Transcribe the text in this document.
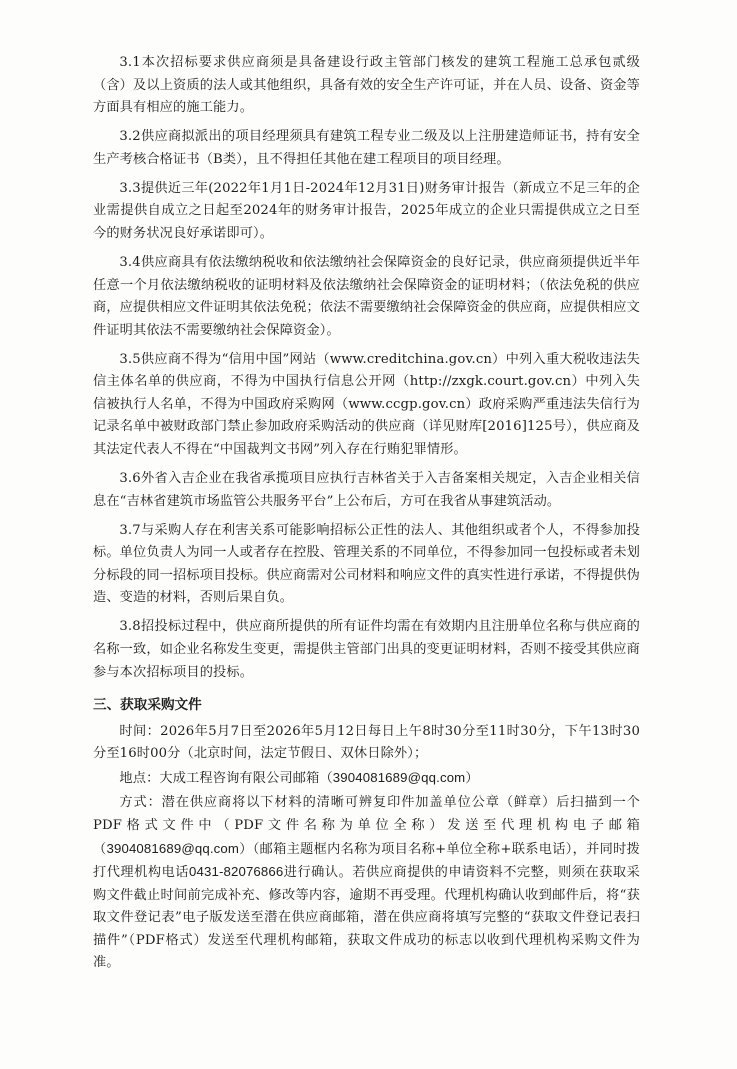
3.1本次招标要求供应商须是具备建设行政主管部门核发的建筑工程施工总承包贰级（含）及以上资质的法人或其他组织，具备有效的安全生产许可证，并在人员、设备、资金等方面具有相应的施工能力。

3.2供应商拟派出的项目经理须具有建筑工程专业二级及以上注册建造师证书，持有安全生产考核合格证书（B类），且不得担任其他在建工程项目的项目经理。

3.3提供近三年(2022年1月1日-2024年12月31日)财务审计报告（新成立不足三年的企业需提供自成立之日起至2024年的财务审计报告，2025年成立的企业只需提供成立之日至今的财务状况良好承诺即可）。

3.4供应商具有依法缴纳税收和依法缴纳社会保障资金的良好记录，供应商须提供近半年任意一个月依法缴纳税收的证明材料及依法缴纳社会保障资金的证明材料；（依法免税的供应商，应提供相应文件证明其依法免税；依法不需要缴纳社会保障资金的供应商，应提供相应文件证明其依法不需要缴纳社会保障资金）。

3.5供应商不得为“信用中国”网站（www.creditchina.gov.cn）中列入重大税收违法失信主体名单的供应商，不得为中国执行信息公开网（http://zxgk.court.gov.cn）中列入失信被执行人名单，不得为中国政府采购网（www.ccgp.gov.cn）政府采购严重违法失信行为记录名单中被财政部门禁止参加政府采购活动的供应商（详见财库[2016]125号），供应商及其法定代表人不得在“中国裁判文书网”列入存在行贿犯罪情形。

3.6外省入吉企业在我省承揽项目应执行吉林省关于入吉备案相关规定，入吉企业相关信息在“吉林省建筑市场监管公共服务平台”上公布后，方可在我省从事建筑活动。

3.7与采购人存在利害关系可能影响招标公正性的法人、其他组织或者个人，不得参加投标。单位负责人为同一人或者存在控股、管理关系的不同单位，不得参加同一包投标或者未划分标段的同一招标项目投标。供应商需对公司材料和响应文件的真实性进行承诺，不得提供伪造、变造的材料，否则后果自负。

3.8招投标过程中，供应商所提供的所有证件均需在有效期内且注册单位名称与供应商的名称一致，如企业名称发生变更，需提供主管部门出具的变更证明材料，否则不接受其供应商参与本次招标项目的投标。

三、获取采购文件

时间：2026年5月7日至2026年5月12日每日上午8时30分至11时30分，下午13时30分至16时00分（北京时间，法定节假日、双休日除外）；

地点：大成工程咨询有限公司邮箱（3904081689@qq.com）

方式：潜在供应商将以下材料的清晰可辨复印件加盖单位公章（鲜章）后扫描到一个PDF格式文件中（PDF文件名称为单位全称）发送至代理机构电子邮箱（3904081689@qq.com）（邮箱主题框内名称为项目名称+单位全称+联系电话），并同时拨打代理机构电话0431-82076866进行确认。若供应商提供的申请资料不完整，则须在获取采购文件截止时间前完成补充、修改等内容，逾期不再受理。代理机构确认收到邮件后，将“获取文件登记表”电子版发送至潜在供应商邮箱，潜在供应商将填写完整的“获取文件登记表扫描件”（PDF格式）发送至代理机构邮箱，获取文件成功的标志以收到代理机构采购文件为准。
